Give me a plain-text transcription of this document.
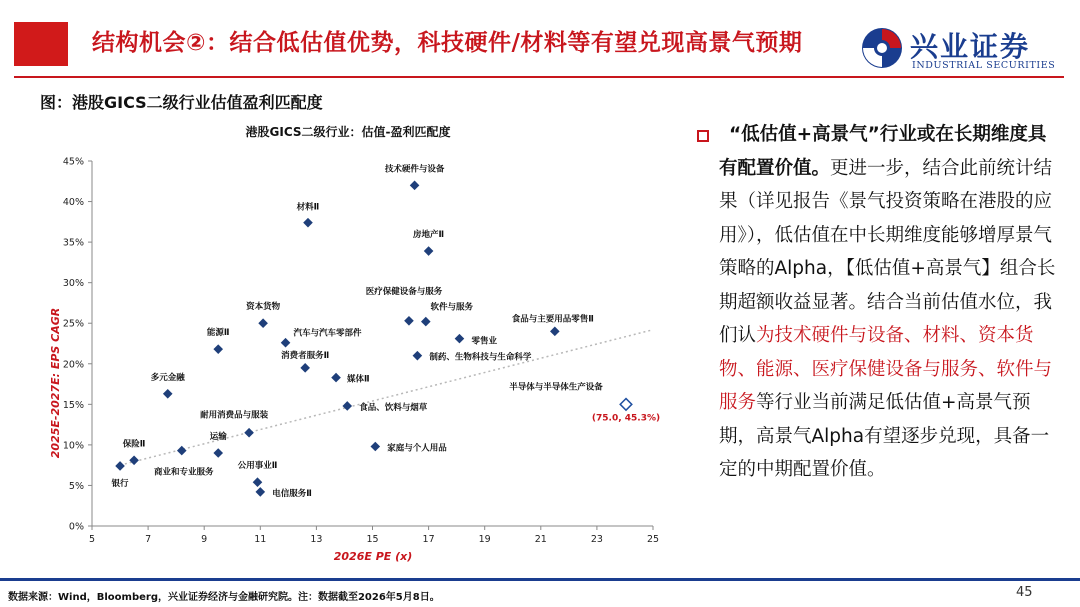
结构机会②：结合低估值优势，科技硬件/材料等有望兑现高景气预期	兴业证券
INDUSTRIAL SECURITIES
图：港股GICS二级行业估值盈利匹配度
港股GICS二级行业：估值-盈利匹配度
5	7	9	11	13	15	17	19	21	23	25
0%
5%
10%
15%
20%
25%
30%
35%
40%
45%
技术硬件与设备
材料Ⅱ
房地产Ⅱ
医疗保健设备与服务
软件与服务
食品与主要用品零售Ⅱ
资本货物
汽车与汽车零部件
零售业
能源Ⅱ
制药、生物科技与生命科学
消费者服务Ⅱ
媒体Ⅱ
多元金融
食品、饮料与烟草
耐用消费品与服装
家庭与个人用品
运输
保险Ⅱ
商业和专业服务
公用事业Ⅱ
电信服务Ⅱ
银行
半导体与半导体生产设备
(75.0, 45.3%)
2026E PE (x)
2025E-2027E: EPS CAGR
“低估值+高景气”行业或在长期维度具有配置价值。更进一步，结合此前统计结果（详见报告《景气投资策略在港股的应用》），低估值在中长期维度能够增厚景气策略的Alpha，【低估值+高景气】组合长期超额收益显著。结合当前估值水位，我们认为技术硬件与设备、材料、资本货物、能源、医疗保健设备与服务、软件与服务等行业当前满足低估值+高景气预期，高景气Alpha有望逐步兑现，具备一定的中期配置价值。
数据来源：Wind，Bloomberg，兴业证券经济与金融研究院。注：数据截至2026年5月8日。	45
